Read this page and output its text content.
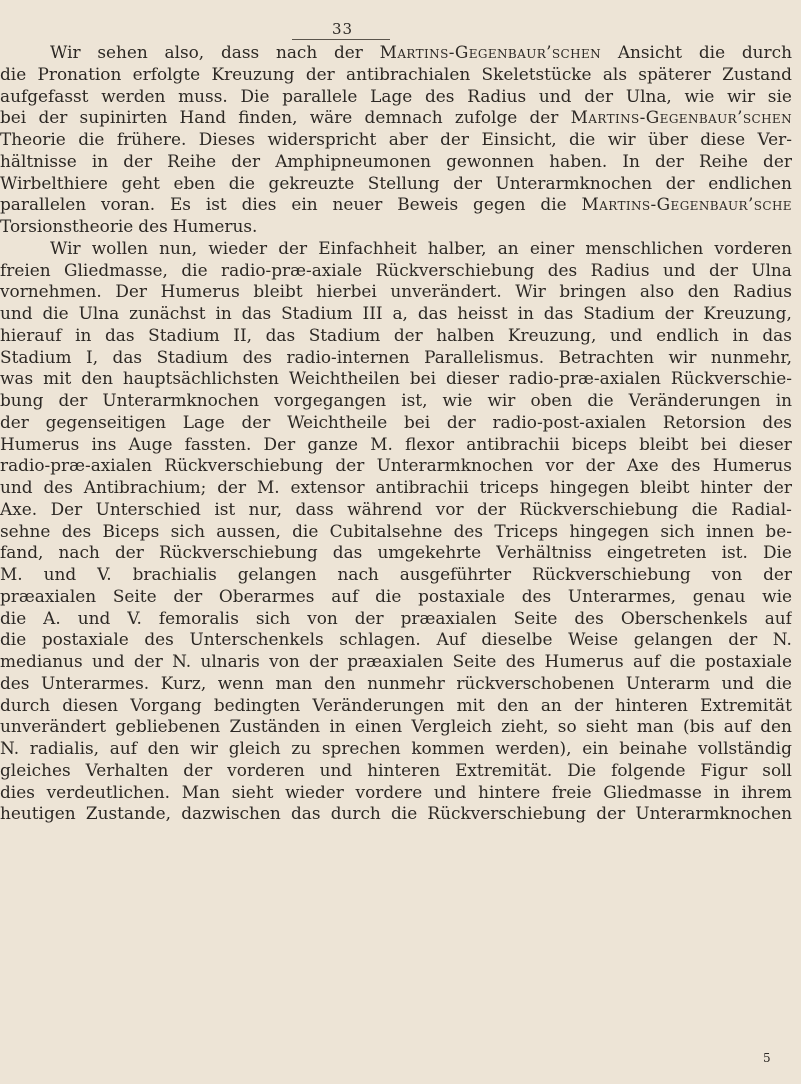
33
Wir sehen also, dass nach der Martins-Gegenbaur’schen Ansicht die durch
die Pronation erfolgte Kreuzung der antibrachialen Skeletstücke als späterer Zustand
aufgefasst werden muss. Die parallele Lage des Radius und der Ulna, wie wir sie
bei der supinirten Hand finden, wäre demnach zufolge der Martins-Gegenbaur’schen
Theorie die frühere. Dieses widerspricht aber der Einsicht, die wir über diese Ver-
hältnisse in der Reihe der Amphipneumonen gewonnen haben. In der Reihe der
Wirbelthiere geht eben die gekreuzte Stellung der Unterarmknochen der endlichen
parallelen voran. Es ist dies ein neuer Beweis gegen die Martins-Gegenbaur’sche
Torsionstheorie des Humerus.
Wir wollen nun, wieder der Einfachheit halber, an einer menschlichen vorderen
freien Gliedmasse, die radio-præ-axiale Rückverschiebung des Radius und der Ulna
vornehmen. Der Humerus bleibt hierbei unverändert. Wir bringen also den Radius
und die Ulna zunächst in das Stadium III a, das heisst in das Stadium der Kreuzung,
hierauf in das Stadium II, das Stadium der halben Kreuzung, und endlich in das
Stadium I, das Stadium des radio-internen Parallelismus. Betrachten wir nunmehr,
was mit den hauptsächlichsten Weichtheilen bei dieser radio-præ-axialen Rückverschie-
bung der Unterarmknochen vorgegangen ist, wie wir oben die Veränderungen in
der gegenseitigen Lage der Weichtheile bei der radio-post-axialen Retorsion des
Humerus ins Auge fassten. Der ganze M. flexor antibrachii biceps bleibt bei dieser
radio-præ-axialen Rückverschiebung der Unterarmknochen vor der Axe des Humerus
und des Antibrachium; der M. extensor antibrachii triceps hingegen bleibt hinter der
Axe. Der Unterschied ist nur, dass während vor der Rückverschiebung die Radial-
sehne des Biceps sich aussen, die Cubitalsehne des Triceps hingegen sich innen be-
fand, nach der Rückverschiebung das umgekehrte Verhältniss eingetreten ist. Die
M. und V. brachialis gelangen nach ausgeführter Rückverschiebung von der
præaxialen Seite der Oberarmes auf die postaxiale des Unterarmes, genau wie
die A. und V. femoralis sich von der præaxialen Seite des Oberschenkels auf
die postaxiale des Unterschenkels schlagen. Auf dieselbe Weise gelangen der N.
medianus und der N. ulnaris von der præaxialen Seite des Humerus auf die postaxiale
des Unterarmes. Kurz, wenn man den nunmehr rückverschobenen Unterarm und die
durch diesen Vorgang bedingten Veränderungen mit den an der hinteren Extremität
unverändert gebliebenen Zuständen in einen Vergleich zieht, so sieht man (bis auf den
N. radialis, auf den wir gleich zu sprechen kommen werden), ein beinahe vollständig
gleiches Verhalten der vorderen und hinteren Extremität. Die folgende Figur soll
dies verdeutlichen. Man sieht wieder vordere und hintere freie Gliedmasse in ihrem
heutigen Zustande, dazwischen das durch die Rückverschiebung der Unterarmknochen
5
